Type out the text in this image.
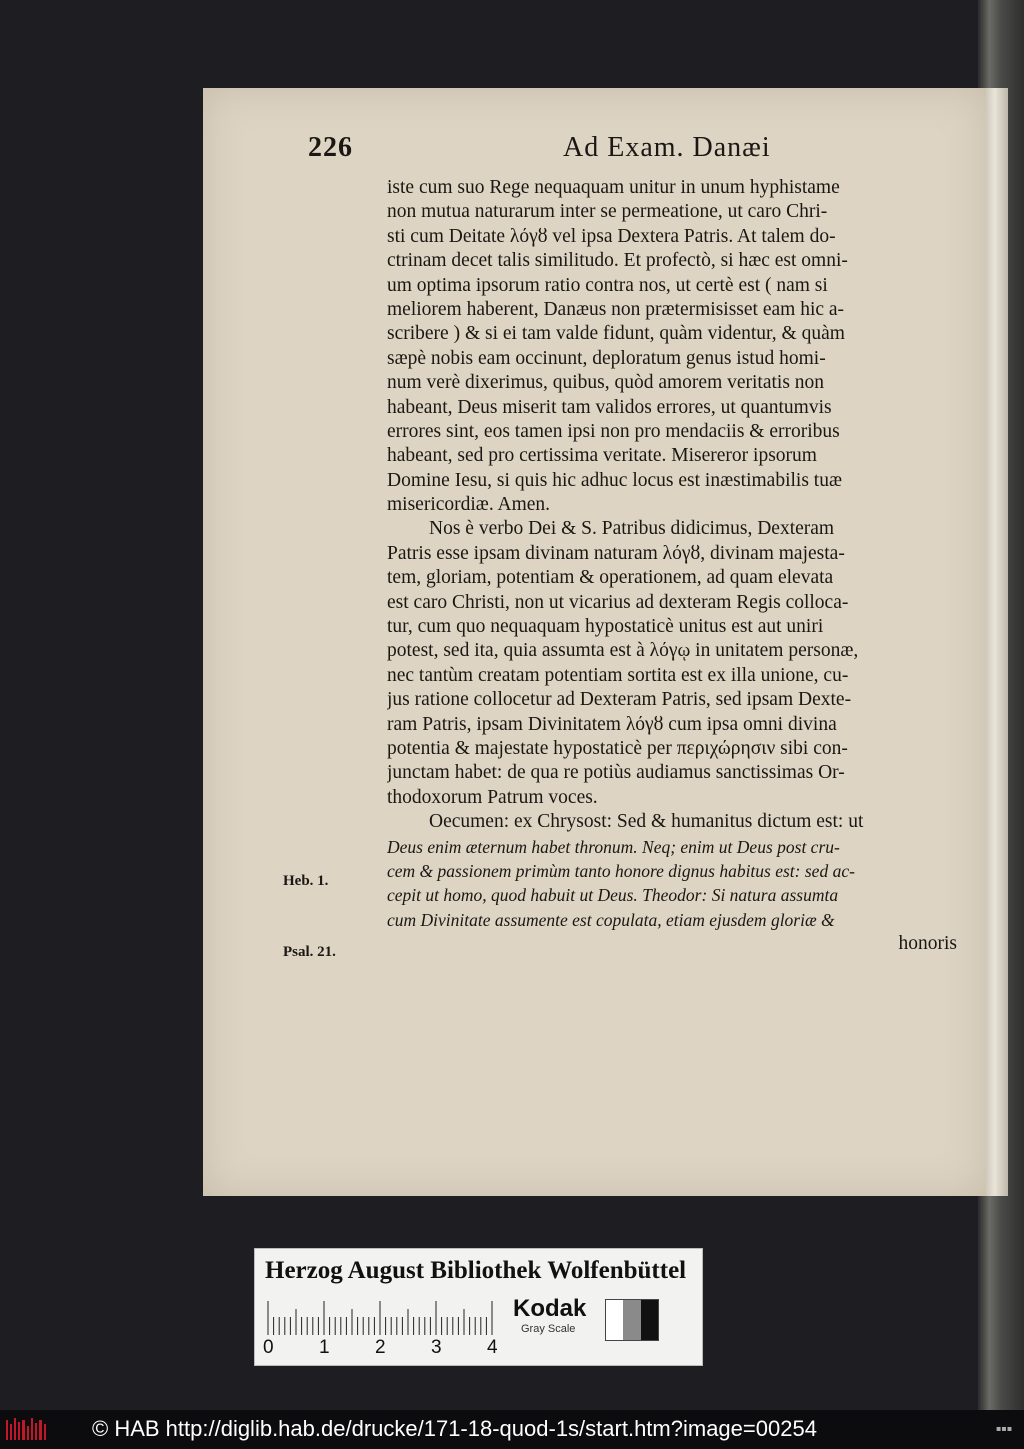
226	Ad Exam. Danæi
iste cum suo Rege nequaquam unitur in unum hyphistame
non mutua naturarum inter se permeatione, ut caro Chri-
sti cum Deitate λόγȣ vel ipsa Dextera Patris. At talem do-
ctrinam decet talis similitudo. Et profectò, si hæc est omni-
um optima ipsorum ratio contra nos, ut certè est ( nam si
meliorem haberent, Danæus non prætermisisset eam hic a-
scribere ) & si ei tam valde fidunt, quàm videntur, & quàm
sæpè nobis eam occinunt, deploratum genus istud homi-
num verè dixerimus, quibus, quòd amorem veritatis non
habeant, Deus miserit tam validos errores, ut quantumvis
errores sint, eos tamen ipsi non pro mendaciis & erroribus
habeant, sed pro certissima veritate. Misereror ipsorum
Domine Iesu, si quis hic adhuc locus est inæstimabilis tuæ
misericordiæ. Amen.
Nos è verbo Dei & S. Patribus didicimus, Dexteram
Patris esse ipsam divinam naturam λόγȣ, divinam majesta-
tem, gloriam, potentiam & operationem, ad quam elevata
est caro Christi, non ut vicarius ad dexteram Regis colloca-
tur, cum quo nequaquam hypostaticè unitus est aut uniri
potest, sed ita, quia assumta est à λόγῳ in unitatem personæ,
nec tantùm creatam potentiam sortita est ex illa unione, cu-
jus ratione collocetur ad Dexteram Patris, sed ipsam Dexte-
ram Patris, ipsam Divinitatem λόγȣ cum ipsa omni divina
potentia & majestate hypostaticè per περιχώρησιν sibi con-
junctam habet: de qua re potiùs audiamus sanctissimas Or-
thodoxorum Patrum voces.
Oecumen: ex Chrysost: Sed & humanitus dictum est: ut
Deus enim æternum habet thronum. Neq; enim ut Deus post cru-
cem & passionem primùm tanto honore dignus habitus est: sed ac-
cepit ut homo, quod habuit ut Deus. Theodor: Si natura assumta
cum Divinitate assumente est copulata, etiam ejusdem gloriæ &
honoris
Heb. 1.
Psal. 21.
Herzog August Bibliothek Wolfenbüttel
0 1 2 3 4
Kodak
Gray Scale
© HAB http://diglib.hab.de/drucke/171-18-quod-1s/start.htm?image=00254	▪▪▪
